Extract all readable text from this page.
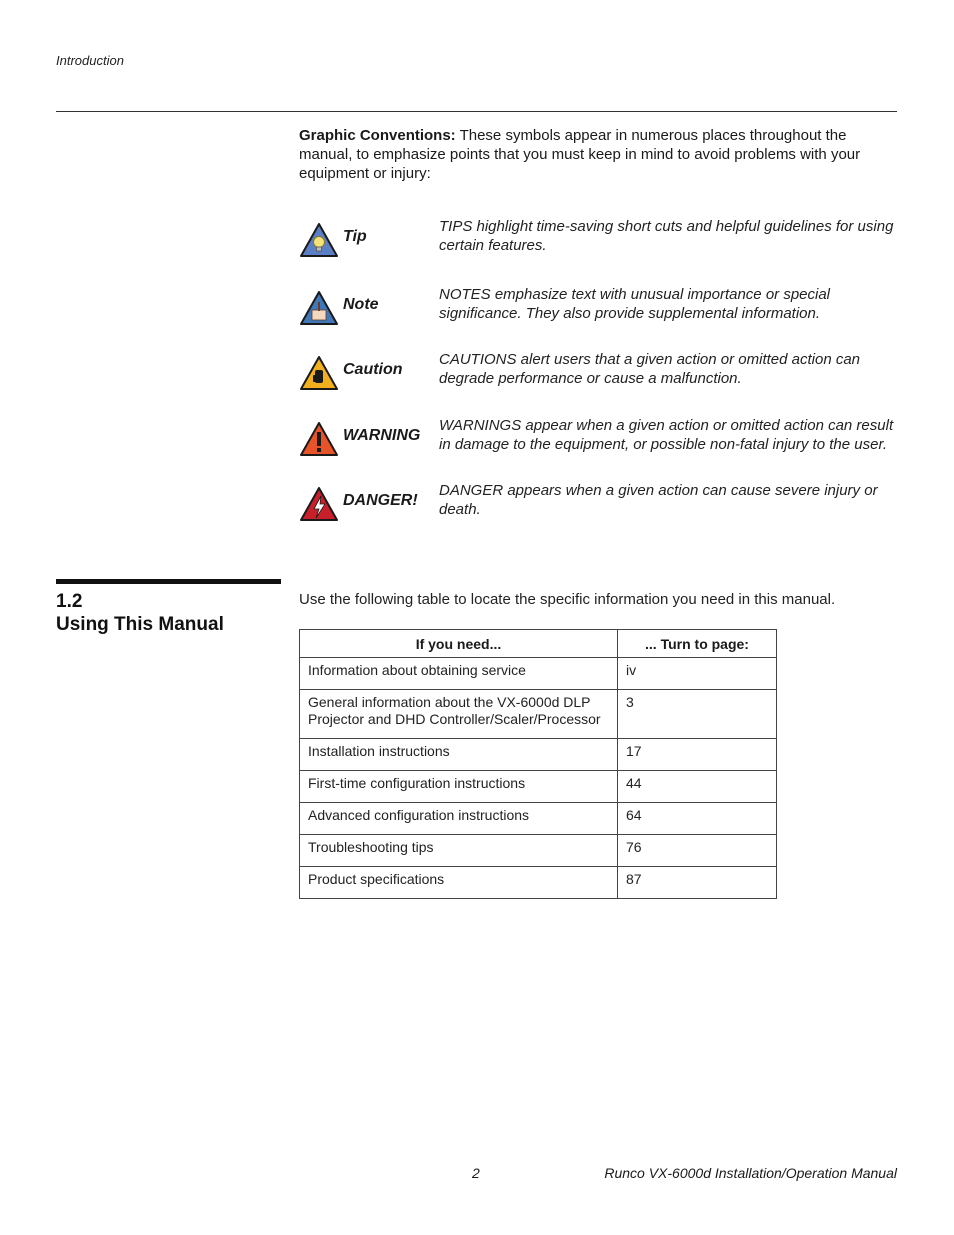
Introduction
Graphic Conventions: These symbols appear in numerous places throughout the manual, to emphasize points that you must keep in mind to avoid problems with your equipment or injury:
Tip
TIPS highlight time-saving short cuts and helpful guidelines for using certain features.
Note
NOTES emphasize text with unusual importance or special significance. They also provide supplemental information.
Caution
CAUTIONS alert users that a given action or omitted action can degrade performance or cause a malfunction.
WARNING
WARNINGS appear when a given action or omitted action can result in damage to the equipment, or possible non-fatal injury to the user.
DANGER!
DANGER appears when a given action can cause severe injury or death.
1.2
Using This Manual
Use the following table to locate the specific information you need in this manual.
If you need...	... Turn to page:
Information about obtaining service	iv
General information about the VX-6000d DLP Projector and DHD Controller/Scaler/Processor	3
Installation instructions	17
First-time configuration instructions	44
Advanced configuration instructions	64
Troubleshooting tips	76
Product specifications	87
2	Runco VX-6000d Installation/Operation Manual
